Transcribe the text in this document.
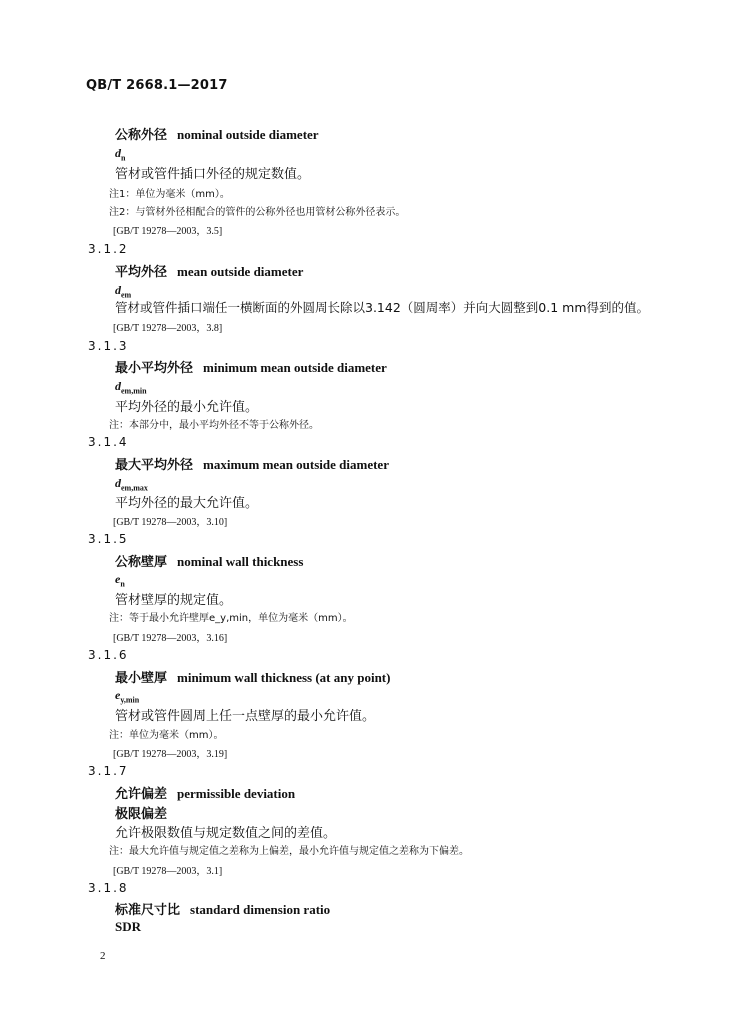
QB/T 2668.1—2017
公称外径 nominal outside diameter
$d_n$
管材或管件插口外径的规定数值。
注1：单位为毫米（mm）。
注2：与管材外径相配合的管件的公称外径也用管材公称外径表示。
[GB/T 19278—2003，3.5]
3.1.2
平均外径 mean outside diameter
$d_{em}$
管材或管件插口端任一横断面的外圆周长除以3.142（圆周率）并向大圆整到0.1 mm得到的值。
[GB/T 19278—2003，3.8]
3.1.3
最小平均外径 minimum mean outside diameter
$d_{em,min}$
平均外径的最小允许值。
注：本部分中，最小平均外径不等于公称外径。
3.1.4
最大平均外径 maximum mean outside diameter
$d_{em,max}$
平均外径的最大允许值。
[GB/T 19278—2003，3.10]
3.1.5
公称壁厚 nominal wall thickness
$e_n$
管材壁厚的规定值。
注：等于最小允许壁厚e_y,min，单位为毫米（mm）。
[GB/T 19278—2003，3.16]
3.1.6
最小壁厚 minimum wall thickness (at any point)
$e_{y,min}$
管材或管件圆周上任一点壁厚的最小允许值。
注：单位为毫米（mm）。
[GB/T 19278—2003，3.19]
3.1.7
允许偏差 permissible deviation
极限偏差
允许极限数值与规定数值之间的差值。
注：最大允许值与规定值之差称为上偏差，最小允许值与规定值之差称为下偏差。
[GB/T 19278—2003，3.1]
3.1.8
标准尺寸比 standard dimension ratio
SDR
2
